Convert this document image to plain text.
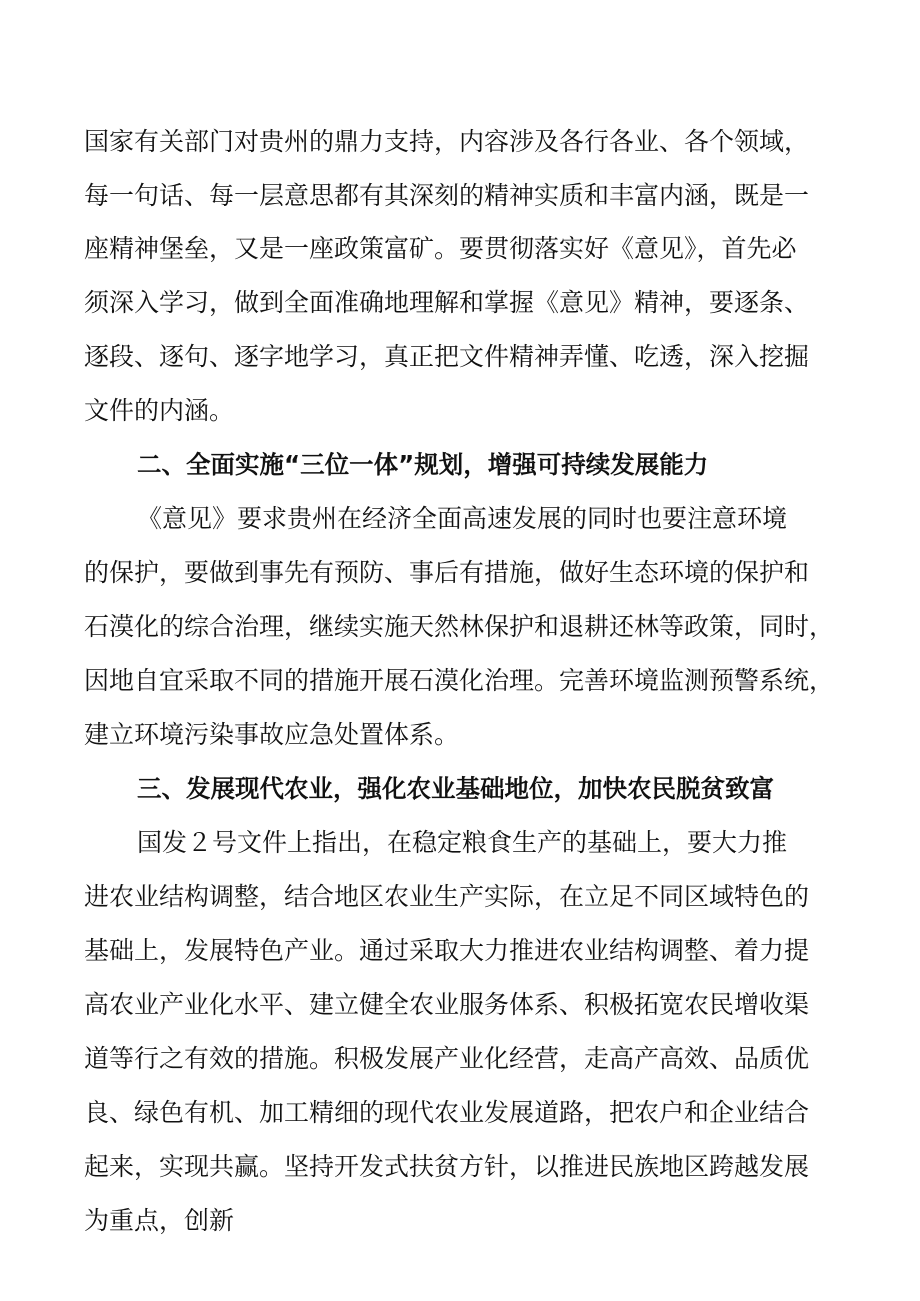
国家有关部门对贵州的鼎力支持，内容涉及各行各业、各个领域，
每一句话、每一层意思都有其深刻的精神实质和丰富内涵，既是一
座精神堡垒，又是一座政策富矿。要贯彻落实好《意见》，首先必
须深入学习，做到全面准确地理解和掌握《意见》精神，要逐条、
逐段、逐句、逐字地学习，真正把文件精神弄懂、吃透，深入挖掘
文件的内涵。
二、全面实施“三位一体”规划，增强可持续发展能力
《意见》要求贵州在经济全面高速发展的同时也要注意环境
的保护，要做到事先有预防、事后有措施，做好生态环境的保护和
石漠化的综合治理，继续实施天然林保护和退耕还林等政策，同时，
因地自宜采取不同的措施开展石漠化治理。完善环境监测预警系统，
建立环境污染事故应急处置体系。
三、发展现代农业，强化农业基础地位，加快农民脱贫致富
国发２号文件上指出，在稳定粮食生产的基础上，要大力推
进农业结构调整，结合地区农业生产实际，在立足不同区域特色的
基础上，发展特色产业。通过采取大力推进农业结构调整、着力提
高农业产业化水平、建立健全农业服务体系、积极拓宽农民增收渠
道等行之有效的措施。积极发展产业化经营，走高产高效、品质优
良、绿色有机、加工精细的现代农业发展道路，把农户和企业结合
起来，实现共赢。坚持开发式扶贫方针，以推进民族地区跨越发展
为重点，创新
